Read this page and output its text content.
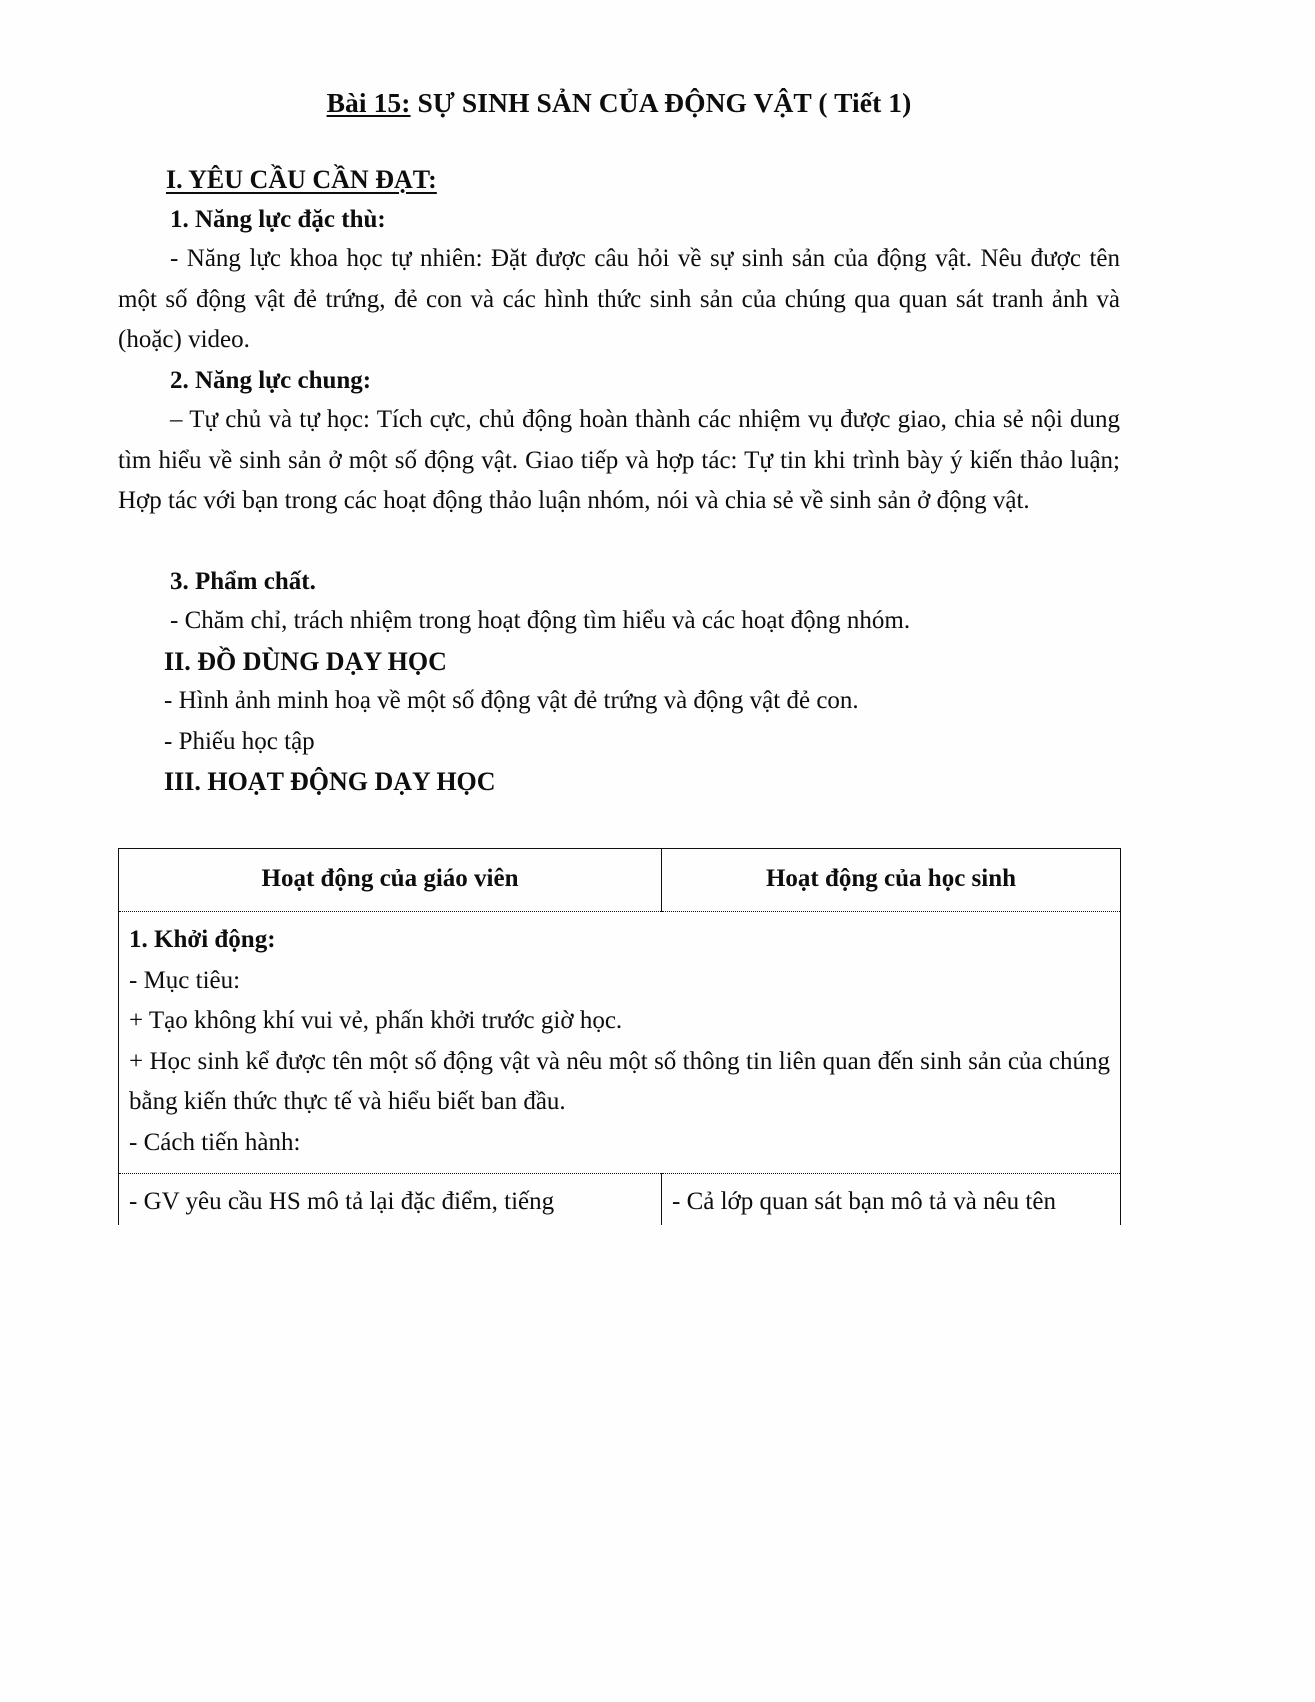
Bài 15: SỰ SINH SẢN CỦA ĐỘNG VẬT ( Tiết 1)
I. YÊU CẦU CẦN ĐẠT:
1. Năng lực đặc thù:

- Năng lực khoa học tự nhiên: Đặt được câu hỏi về sự sinh sản của động vật. Nêu được tên một số động vật đẻ trứng, đẻ con và các hình thức sinh sản của chúng qua quan sát tranh ảnh và (hoặc) video.

2. Năng lực chung:

– Tự chủ và tự học: Tích cực, chủ động hoàn thành các nhiệm vụ được giao, chia sẻ nội dung tìm hiểu về sinh sản ở một số động vật. Giao tiếp và hợp tác: Tự tin khi trình bày ý kiến thảo luận; Hợp tác với bạn trong các hoạt động thảo luận nhóm, nói và chia sẻ về sinh sản ở động vật.

3. Phẩm chất.

- Chăm chỉ, trách nhiệm trong hoạt động tìm hiểu và các hoạt động nhóm.

II. ĐỒ DÙNG DẠY HỌC

- Hình ảnh minh hoạ về một số động vật đẻ trứng và động vật đẻ con.

- Phiếu học tập

III. HOẠT ĐỘNG DẠY HỌC
Hoạt động của giáo viên	Hoạt động của học sinh

1. Khởi động:

- Mục tiêu:

+ Tạo không khí vui vẻ, phấn khởi trước giờ học.

+ Học sinh kể được tên một số động vật và nêu một số thông tin liên quan đến sinh sản của chúng bằng kiến thức thực tế và hiểu biết ban đầu.

- Cách tiến hành:	

- GV yêu cầu HS mô tả lại đặc điểm, tiếng	- Cả lớp quan sát bạn mô tả và nêu tên
